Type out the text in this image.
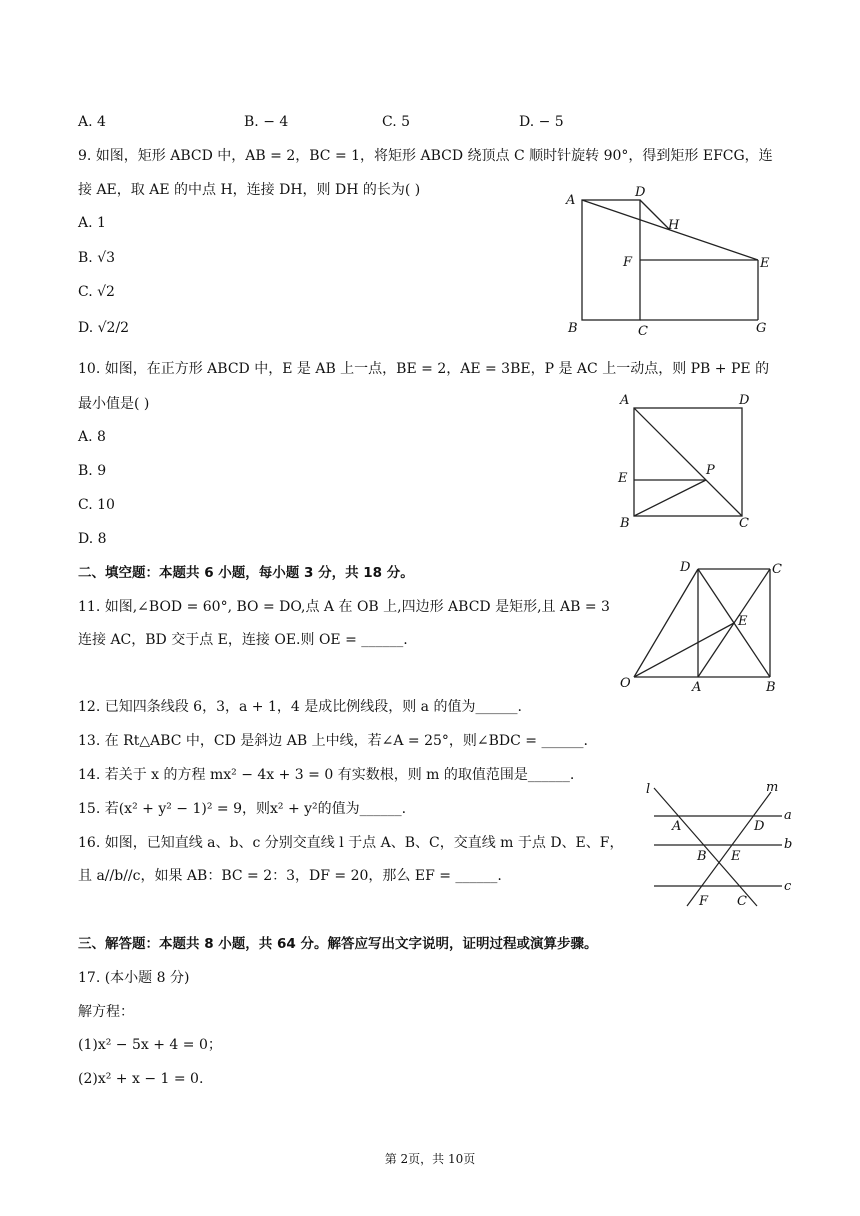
A. 4	B. − 4	C. 5	D. − 5
9. 如图，矩形 ABCD 中，AB = 2，BC = 1，将矩形 ABCD 绕顶点 C 顺时针旋转 90°，得到矩形 EFCG，连
接 AE，取 AE 的中点 H，连接 DH，则 DH 的长为( )
A. 1
B. √3
C. √2
D. √2/2
A
D
H
F	E
B	C	G
10. 如图，在正方形 ABCD 中，E 是 AB 上一点，BE = 2，AE = 3BE，P 是 AC 上一动点，则 PB + PE 的
最小值是( )
A. 8
B. 9
C. 10
D. 8
A	D
E
P
B	C
二、填空题：本题共 6 小题，每小题 3 分，共 18 分。
11. 如图,∠BOD = 60°, BO = DO,点 A 在 OB 上,四边形 ABCD 是矩形,且 AB = 3
连接 AC，BD 交于点 E，连接 OE.则 OE = ______.
D	C
E
O	A	B
12. 已知四条线段 6，3，a + 1，4 是成比例线段，则 a 的值为______.
13. 在 Rt△ABC 中，CD 是斜边 AB 上中线，若∠A = 25°，则∠BDC = ______.
14. 若关于 x 的方程 mx² − 4x + 3 = 0 有实数根，则 m 的取值范围是______.
15. 若(x² + y² − 1)² = 9，则x² + y²的值为______.
16. 如图，已知直线 a、b、c 分别交直线 l 于点 A、B、C，交直线 m 于点 D、E、F，
且 a//b//c，如果 AB：BC = 2：3，DF = 20，那么 EF = ______.
l	m
a
b
c
A	D
B E
F C
三、解答题：本题共 8 小题，共 64 分。解答应写出文字说明，证明过程或演算步骤。
17. (本小题 8 分)
解方程：
(1)x² − 5x + 4 = 0；
(2)x² + x − 1 = 0.
第 2页，共 10页
